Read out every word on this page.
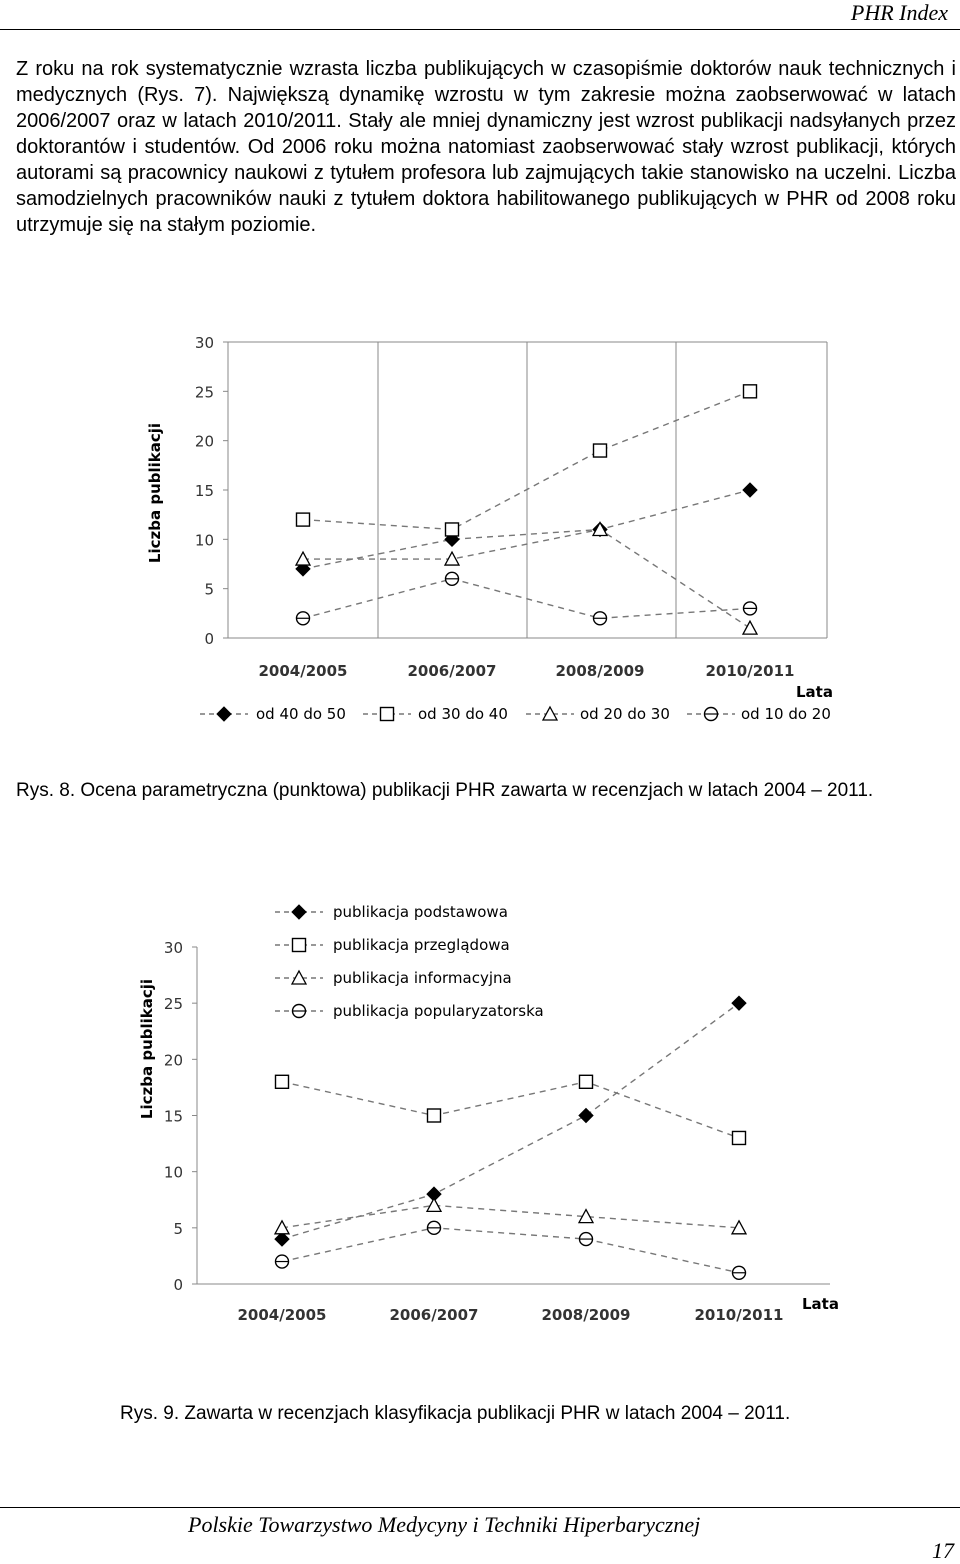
PHR Index

Z roku na rok systematycznie wzrasta liczba publikujących w czasopiśmie doktorów nauk technicznych i medycznych (Rys. 7). Największą dynamikę wzrostu w tym zakresie można zaobserwować w latach 2006/2007 oraz w latach 2010/2011. Stały ale mniej dynamiczny jest wzrost publikacji nadsyłanych przez doktorantów i studentów. Od 2006 roku można natomiast zaobserwować stały wzrost publikacji, których autorami są pracownicy naukowi z tytułem profesora lub zajmujących takie stanowisko na uczelni. Liczba samodzielnych pracowników nauki z tytułem doktora habilitowanego publikujących w PHR od 2008 roku utrzymuje się na stałym poziomie.

0
5
10
15
20
25
30
Liczba publikacji
Lata
2004/2005	2006/2007	2008/2009	2010/2011
od 40 do 50	od 30 do 40	od 20 do 30	od 10 do 20

Rys. 8. Ocena parametryczna (punktowa) publikacji PHR zawarta w recenzjach w latach 2004 – 2011.

0
5
10
15
20
25
30
Liczba publikacji
Lata
2004/2005	2006/2007	2008/2009	2010/2011
publikacja podstawowa
publikacja przeglądowa
publikacja informacyjna
publikacja popularyzatorska

Rys. 9. Zawarta w recenzjach klasyfikacja publikacji PHR w latach 2004 – 2011.

Polskie Towarzystwo Medycyny i Techniki Hiperbarycznej
17
